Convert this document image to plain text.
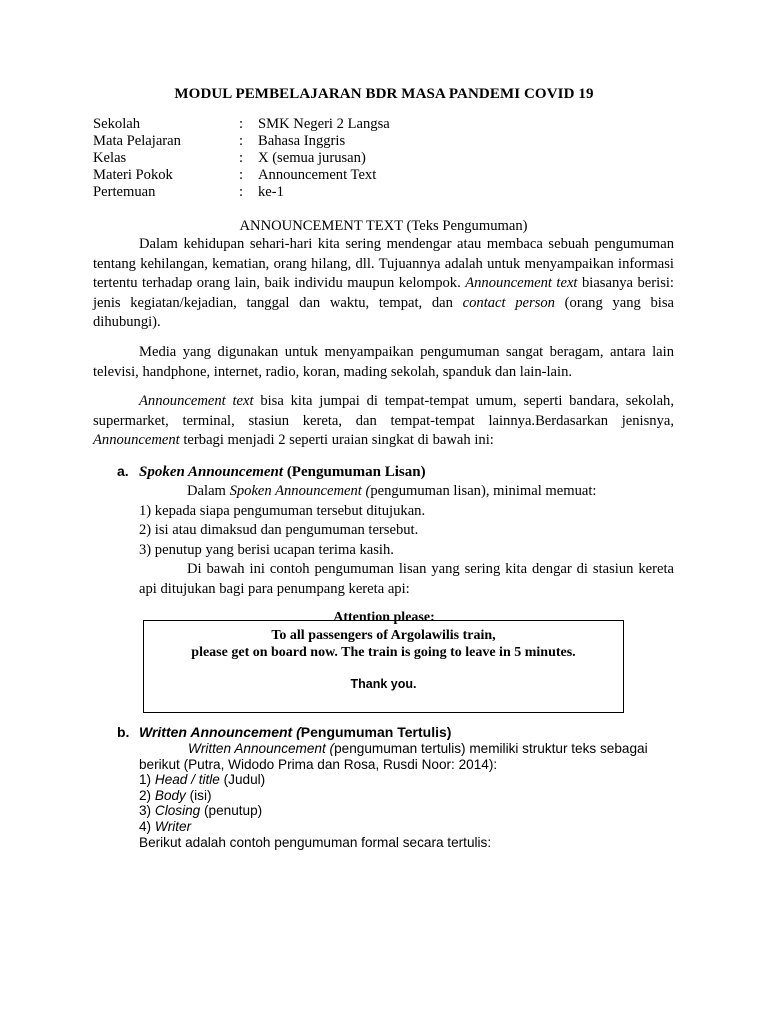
MODUL PEMBELAJARAN BDR MASA PANDEMI COVID 19
Sekolah	: SMK Negeri 2 Langsa
Mata Pelajaran	: Bahasa Inggris
Kelas	: X (semua jurusan)
Materi Pokok	: Announcement Text
Pertemuan	: ke-1
ANNOUNCEMENT TEXT (Teks Pengumuman)
Dalam kehidupan sehari-hari kita sering mendengar atau membaca sebuah pengumuman tentang kehilangan, kematian, orang hilang, dll. Tujuannya adalah untuk menyampaikan informasi tertentu terhadap orang lain, baik individu maupun kelompok. Announcement text biasanya berisi: jenis kegiatan/kejadian, tanggal dan waktu, tempat, dan contact person (orang yang bisa dihubungi).
Media yang digunakan untuk menyampaikan pengumuman sangat beragam, antara lain televisi, handphone, internet, radio, koran, mading sekolah, spanduk dan lain-lain.
Announcement text bisa kita jumpai di tempat-tempat umum, seperti bandara, sekolah, supermarket, terminal, stasiun kereta, dan tempat-tempat lainnya.Berdasarkan jenisnya, Announcement terbagi menjadi 2 seperti uraian singkat di bawah ini:
a. Spoken Announcement (Pengumuman Lisan)
Dalam Spoken Announcement (pengumuman lisan), minimal memuat:
1) kepada siapa pengumuman tersebut ditujukan.
2) isi atau dimaksud dan pengumuman tersebut.
3) penutup yang berisi ucapan terima kasih.
Di bawah ini contoh pengumuman lisan yang sering kita dengar di stasiun kereta api ditujukan bagi para penumpang kereta api:
Attention please:
To all passengers of Argolawilis train,
please get on board now. The train is going to leave in 5 minutes.
Thank you.
b. Written Announcement (Pengumuman Tertulis)
Written Announcement (pengumuman tertulis) memiliki struktur teks sebagai
berikut (Putra, Widodo Prima dan Rosa, Rusdi Noor: 2014):
1) Head / title (Judul)
2) Body (isi)
3) Closing (penutup)
4) Writer
Berikut adalah contoh pengumuman formal secara tertulis:
